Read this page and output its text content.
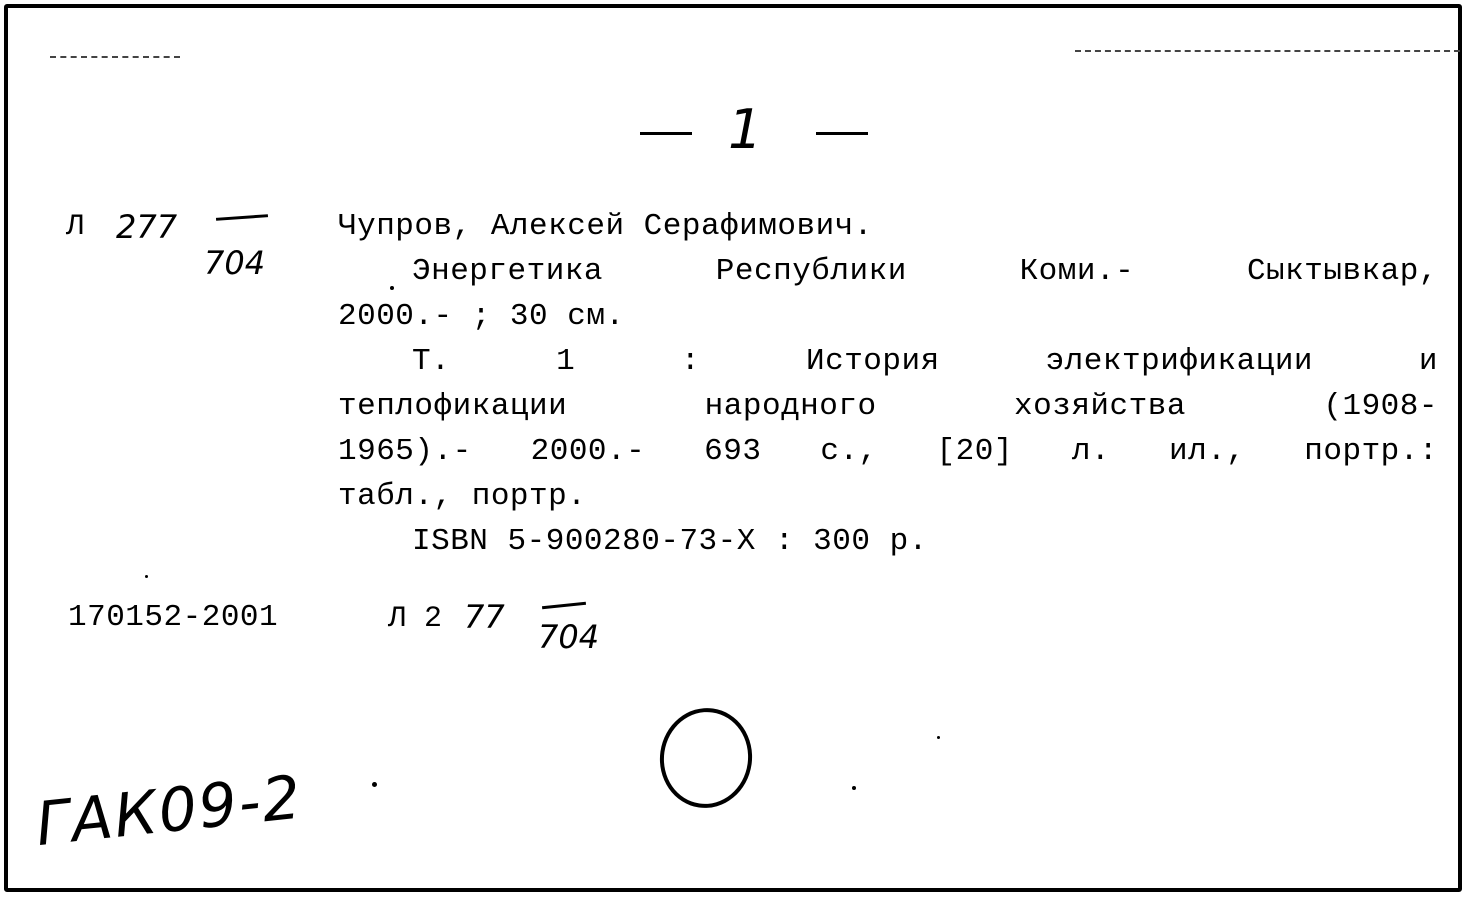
1
Л 277
704
Чупров, Алексей Серафимович.
Энергетика Республики Коми.- Сыктывкар,
2000.- ; 30 см.
Т. 1 : История электрификации и
теплофикации народного хозяйства (1908-
1965).- 2000.- 693 с., [20] л. ил., портр.:
табл., портр.
ISBN 5-900280-73-X : 300 р.
170152-2001	Л 2 77
704
ГАК09-2
